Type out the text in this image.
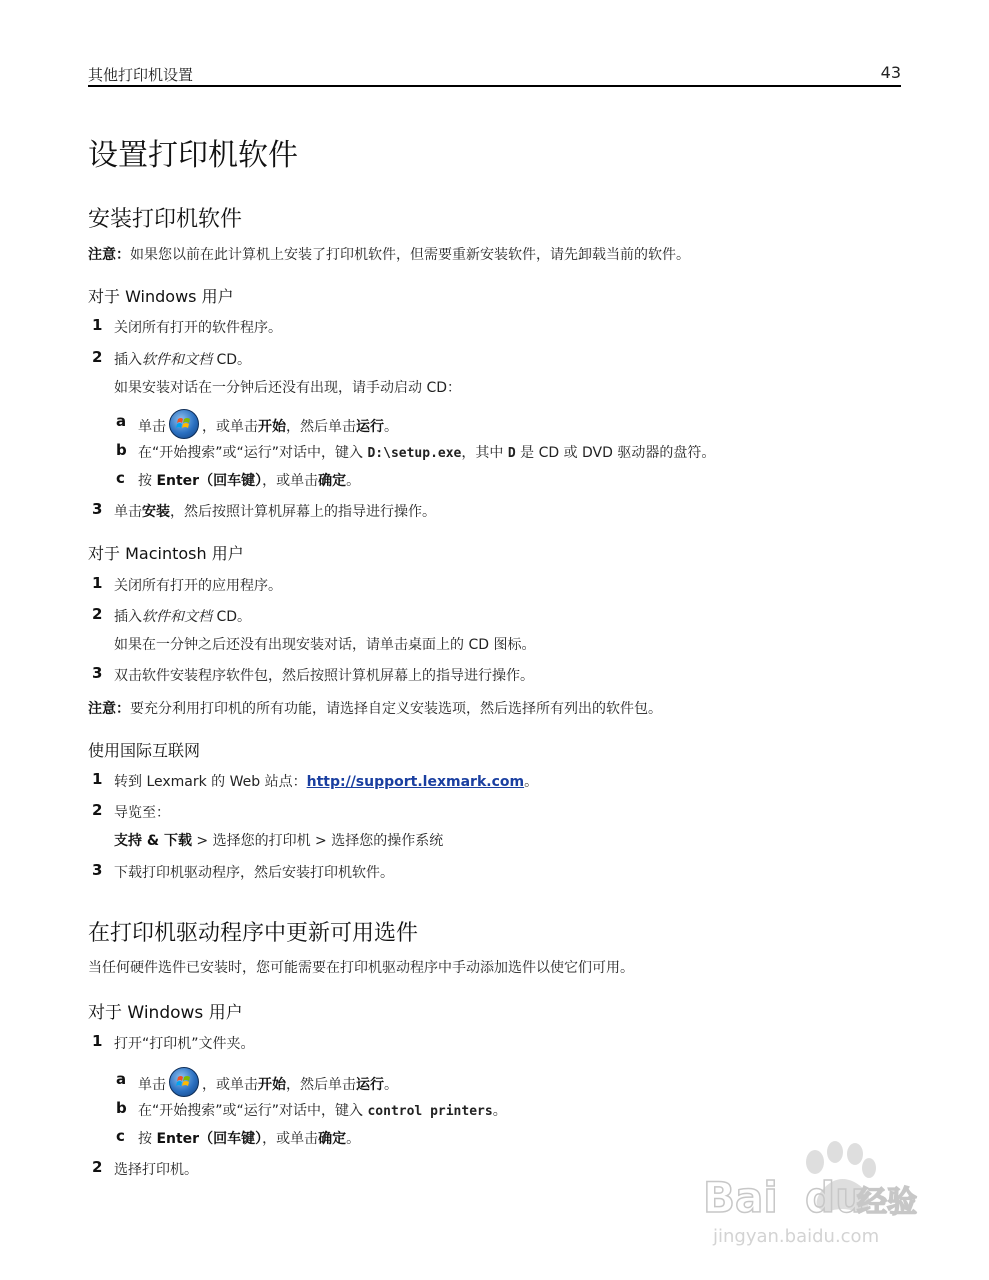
其他打印机设置	43
设置打印机软件
安装打印机软件
注意：如果您以前在此计算机上安装了打印机软件，但需要重新安装软件，请先卸载当前的软件。
对于 Windows 用户
1 关闭所有打开的软件程序。
2 插入软件和文档 CD。
如果安装对话在一分钟后还没有出现，请手动启动 CD：
a 单击	，或单击开始，然后单击运行。
b 在“开始搜索”或“运行”对话中，键入 D:\setup.exe，其中 D 是 CD 或 DVD 驱动器的盘符。
c 按 Enter（回车键），或单击确定。
3 单击安装，然后按照计算机屏幕上的指导进行操作。
对于 Macintosh 用户
1 关闭所有打开的应用程序。
2 插入软件和文档 CD。
如果在一分钟之后还没有出现安装对话，请单击桌面上的 CD 图标。
3 双击软件安装程序软件包，然后按照计算机屏幕上的指导进行操作。
注意：要充分利用打印机的所有功能，请选择自定义安装选项，然后选择所有列出的软件包。
使用国际互联网
1 转到 Lexmark 的 Web 站点：http://support.lexmark.com。
2 导览至：
支持 & 下载 > 选择您的打印机 > 选择您的操作系统
3 下载打印机驱动程序，然后安装打印机软件。
在打印机驱动程序中更新可用选件
当任何硬件选件已安装时，您可能需要在打印机驱动程序中手动添加选件以使它们可用。
对于 Windows 用户
1 打开“打印机”文件夹。
a 单击	，或单击开始，然后单击运行。
b 在“开始搜索”或“运行”对话中，键入 control printers。
c 按 Enter（回车键），或单击确定。
2 选择打印机。
Bai du
经验
jingyan.baidu.com
